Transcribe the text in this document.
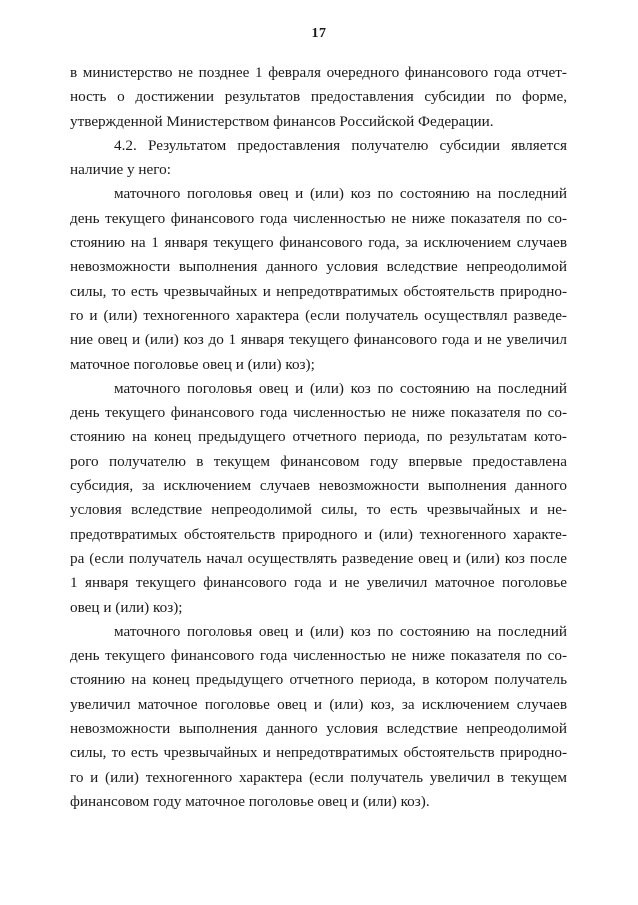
17
в министерство не позднее 1 февраля очередного финансового года отчет-
ность о достижении результатов предоставления субсидии по форме,
утвержденной Министерством финансов Российской Федерации.
4.2. Результатом предоставления получателю субсидии является
наличие у него:
маточного поголовья овец и (или) коз по состоянию на последний
день текущего финансового года численностью не ниже показателя по со-
стоянию на 1 января текущего финансового года, за исключением случаев
невозможности выполнения данного условия вследствие непреодолимой
силы, то есть чрезвычайных и непредотвратимых обстоятельств природно-
го и (или) техногенного характера (если получатель осуществлял разведе-
ние овец и (или) коз до 1 января текущего финансового года и не увеличил
маточное поголовье овец и (или) коз);
маточного поголовья овец и (или) коз по состоянию на последний
день текущего финансового года численностью не ниже показателя по со-
стоянию на конец предыдущего отчетного периода, по результатам кото-
рого получателю в текущем финансовом году впервые предоставлена
субсидия, за исключением случаев невозможности выполнения данного
условия вследствие непреодолимой силы, то есть чрезвычайных и не-
предотвратимых обстоятельств природного и (или) техногенного характе-
ра (если получатель начал осуществлять разведение овец и (или) коз после
1 января текущего финансового года и не увеличил маточное поголовье
овец и (или) коз);
маточного поголовья овец и (или) коз по состоянию на последний
день текущего финансового года численностью не ниже показателя по со-
стоянию на конец предыдущего отчетного периода, в котором получатель
увеличил маточное поголовье овец и (или) коз, за исключением случаев
невозможности выполнения данного условия вследствие непреодолимой
силы, то есть чрезвычайных и непредотвратимых обстоятельств природно-
го и (или) техногенного характера (если получатель увеличил в текущем
финансовом году маточное поголовье овец и (или) коз).
